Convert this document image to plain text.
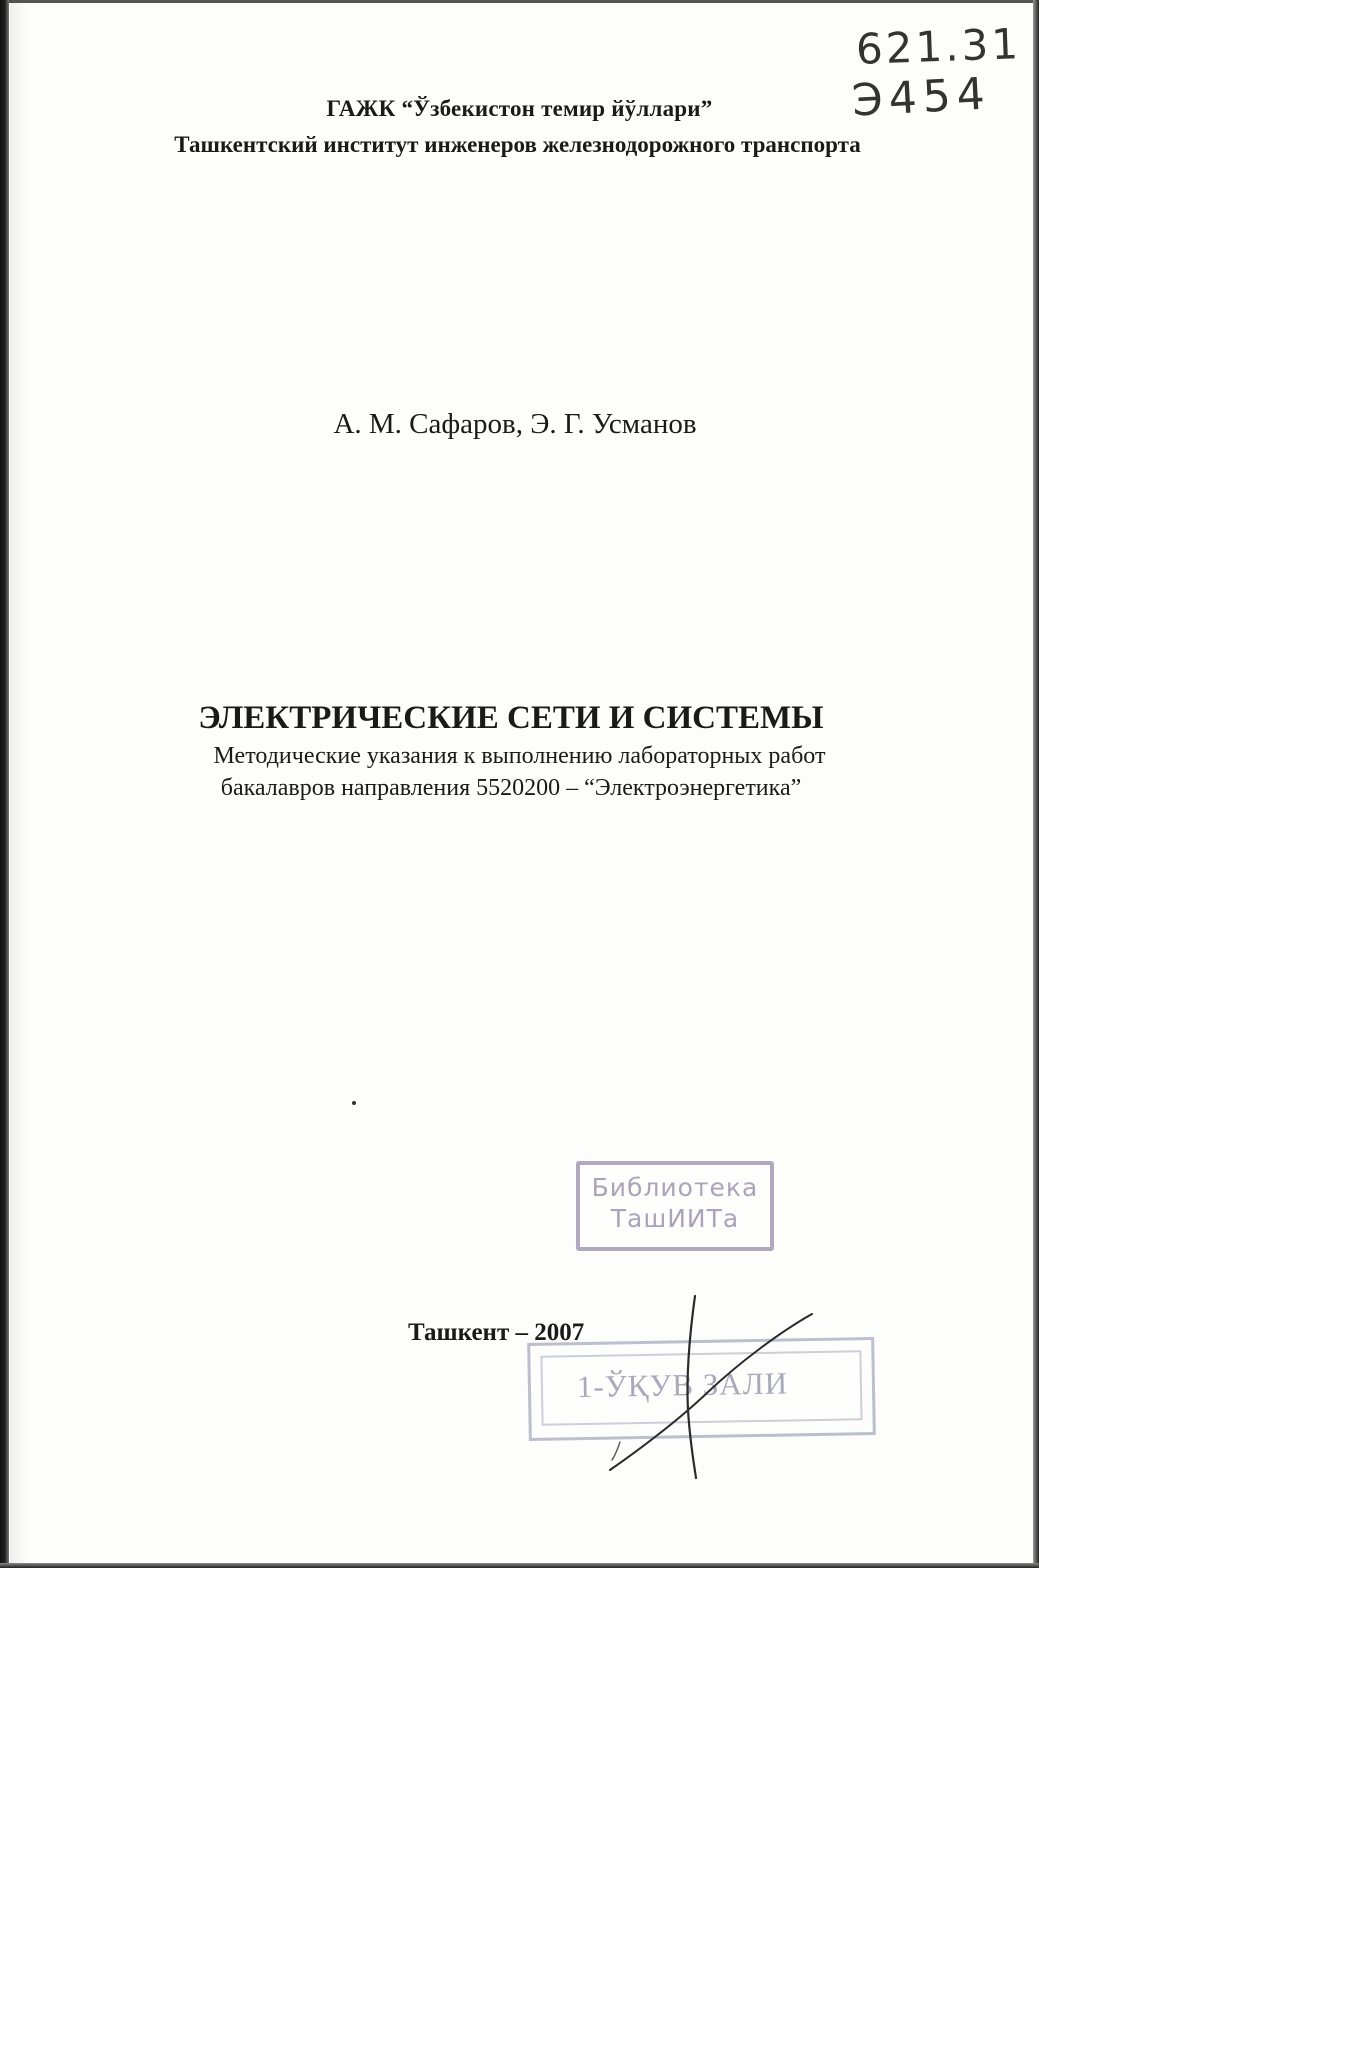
621.31

Э454

ГАЖК “Ўзбекистон темир йўллари”

Ташкентский институт инженеров железнодорожного транспорта

А. М. Сафаров, Э. Г. Усманов

ЭЛЕКТРИЧЕСКИЕ СЕТИ И СИСТЕМЫ

Методические указания к выполнению лабораторных работ

бакалавров направления 5520200 – “Электроэнергетика”

Библиотека
ТашИИТа

Ташкент – 2007

1-ЎҚУВ ЗАЛИ
